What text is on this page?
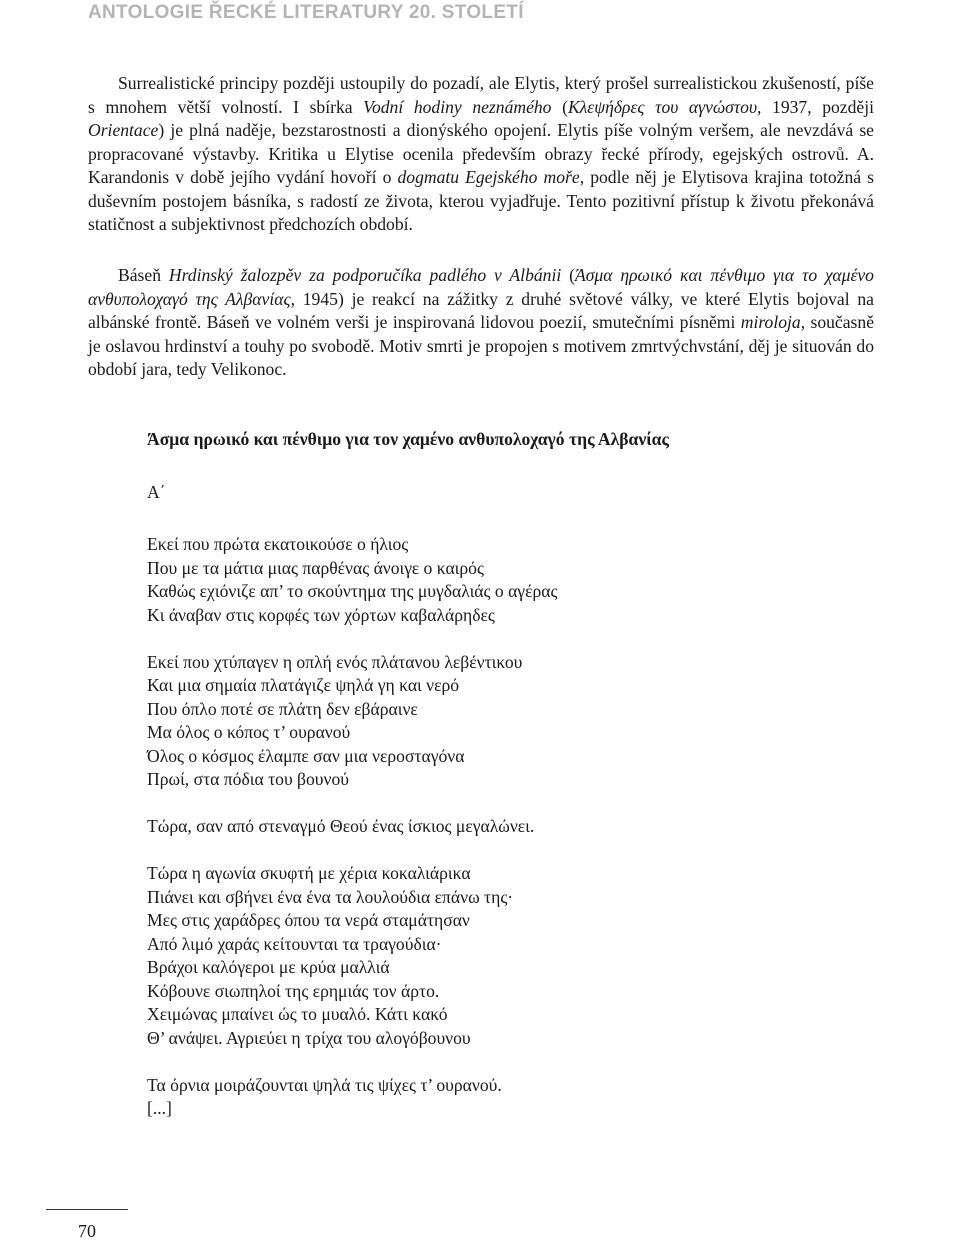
ANTOLOGIE ŘECKÉ LITERATURY 20. STOLETÍ

Surrealistické principy později ustoupily do pozadí, ale Elytis, který prošel surrealistickou zkušeností, píše s mnohem větší volností. I sbírka Vodní hodiny neznámého (Κλεψήδρες του αγνώστου, 1937, později Orientace) je plná naděje, bezstarostnosti a dionýského opojení. Elytis píše volným veršem, ale nevzdává se propracované výstavby. Kritika u Elytise ocenila především obrazy řecké přírody, egejských ostrovů. A. Karandonis v době jejího vydání hovoří o dogmatu Egejského moře, podle něj je Elytisova krajina totožná s duševním postojem básníka, s radostí ze života, kterou vyjadřuje. Tento pozitivní přístup k životu překonává statičnost a subjektivnost předchozích období.

Báseň Hrdinský žalozpěv za podporučíka padlého v Albánii (Άσμα ηρωικό και πένθιμο για το χαμένο ανθυπολοχαγό της Αλβανίας, 1945) je reakcí na zážitky z druhé světové války, ve které Elytis bojoval na albánské frontě. Báseň ve volném verši je inspirovaná lidovou poezií, smutečními písněmi miroloja, současně je oslavou hrdinství a touhy po svobodě. Motiv smrti je propojen s motivem zmrtvýchvstání, děj je situován do období jara, tedy Velikonoc.

Άσμα ηρωικό και πένθιμο για τον χαμένο ανθυπολοχαγό της Αλβανίας
Α΄
Εκεί που πρώτα εκατοικούσε ο ήλιος
Που με τα μάτια μιας παρθένας άνοιγε ο καιρός
Καθώς εχιόνιζε απ’ το σκούντημα της μυγδαλιάς ο αγέρας
Κι άναβαν στις κορφές των χόρτων καβαλάρηδες
Εκεί που χτύπαγεν η οπλή ενός πλάτανου λεβέντικου
Και μια σημαία πλατάγιζε ψηλά γη και νερό
Που όπλο ποτέ σε πλάτη δεν εβάραινε
Μα όλος ο κόπος τ’ ουρανού
Όλος ο κόσμος έλαμπε σαν μια νεροσταγόνα
Πρωί, στα πόδια του βουνού
Τώρα, σαν από στεναγμό Θεού ένας ίσκιος μεγαλώνει.
Τώρα η αγωνία σκυφτή με χέρια κοκαλιάρικα
Πιάνει και σβήνει ένα ένα τα λουλούδια επάνω της·
Μες στις χαράδρες όπου τα νερά σταμάτησαν
Από λιμό χαράς κείτουνται τα τραγούδια·
Βράχοι καλόγεροι με κρύα μαλλιά
Κόβουνε σιωπηλοί της ερημιάς τον άρτο.
Χειμώνας μπαίνει ώς το μυαλό. Κάτι κακό
Θ’ ανάψει. Αγριεύει η τρίχα του αλογόβουνου
Τα όρνια μοιράζουνται ψηλά τις ψίχες τ’ ουρανού.
[...]
70
